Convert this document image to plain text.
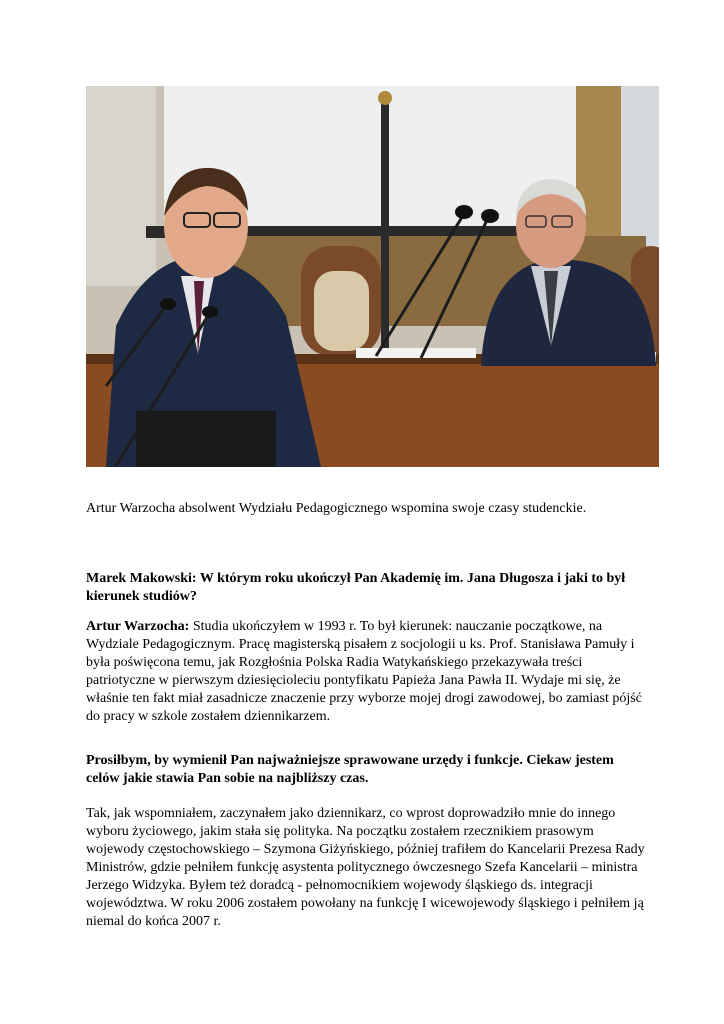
Artur Warzocha absolwent Wydziału Pedagogicznego wspomina swoje czasy studenckie.
Marek Makowski: W którym roku ukończył Pan Akademię im. Jana Długosza i jaki to był kierunek studiów?

Artur Warzocha: Studia ukończyłem w 1993 r. To był kierunek: nauczanie początkowe, na Wydziale Pedagogicznym. Pracę magisterską pisałem z socjologii u ks. Prof. Stanisława Pamuły i była poświęcona temu, jak Rozgłośnia Polska Radia Watykańskiego przekazywała treści patriotyczne w pierwszym dziesięcioleciu pontyfikatu Papieża Jana Pawła II. Wydaje mi się, że właśnie ten fakt miał zasadnicze znaczenie przy wyborze mojej drogi zawodowej, bo zamiast pójść do pracy w szkole zostałem dziennikarzem.

Prosiłbym, by wymienił Pan najważniejsze sprawowane urzędy i funkcje. Ciekaw jestem celów jakie stawia Pan sobie na najbliższy czas.

Tak, jak wspomniałem, zaczynałem jako dziennikarz, co wprost doprowadziło mnie do innego wyboru życiowego, jakim stała się polityka. Na początku zostałem rzecznikiem prasowym wojewody częstochowskiego – Szymona Giżyńskiego, później trafiłem do Kancelarii Prezesa Rady Ministrów, gdzie pełniłem funkcję asystenta politycznego ówczesnego Szefa Kancelarii – ministra Jerzego Widzyka. Byłem też doradcą - pełnomocnikiem wojewody śląskiego ds. integracji województwa. W roku 2006 zostałem powołany na funkcję I wicewojewody śląskiego i pełniłem ją niemal do końca 2007 r.
